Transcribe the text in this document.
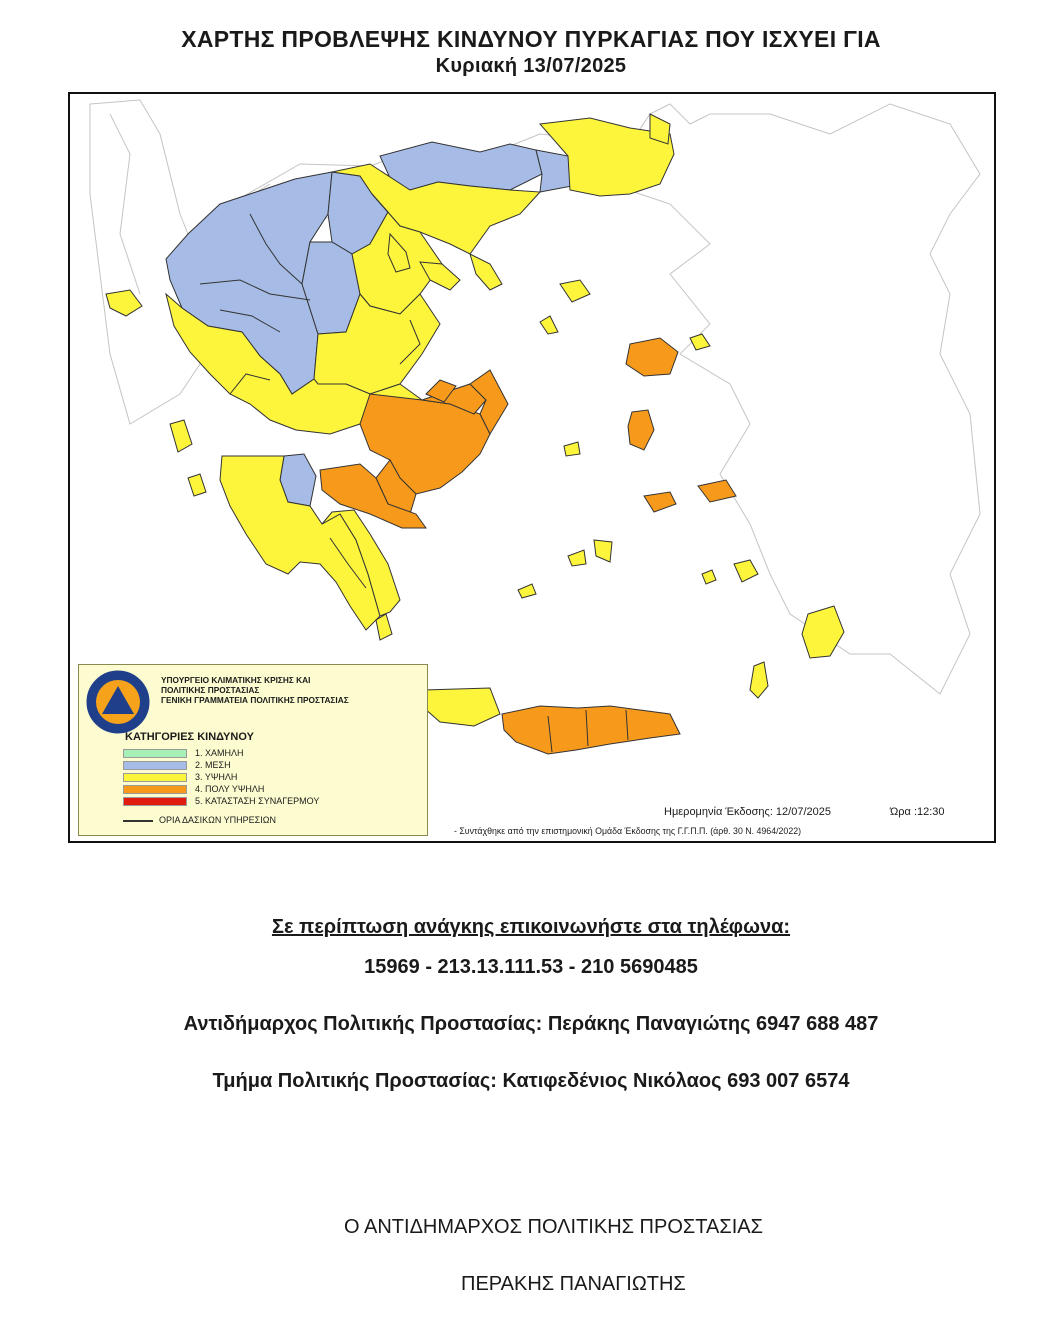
ΧΑΡΤΗΣ ΠΡΟΒΛΕΨΗΣ ΚΙΝΔΥΝΟΥ ΠΥΡΚΑΓΙΑΣ ΠΟΥ ΙΣΧΥΕΙ ΓΙΑ
Κυριακή 13/07/2025
ΥΠΟΥΡΓΕΙΟ ΚΛΙΜΑΤΙΚΗΣ ΚΡΙΣΗΣ ΚΑΙ
ΠΟΛΙΤΙΚΗΣ ΠΡΟΣΤΑΣΙΑΣ
ΓΕΝΙΚΗ ΓΡΑΜΜΑΤΕΙΑ ΠΟΛΙΤΙΚΗΣ ΠΡΟΣΤΑΣΙΑΣ
ΚΑΤΗΓΟΡΙΕΣ ΚΙΝΔΥΝΟΥ
1. ΧΑΜΗΛΗ
2. ΜΕΣΗ
3. ΥΨΗΛΗ
4. ΠΟΛΥ ΥΨΗΛΗ
5. ΚΑΤΑΣΤΑΣΗ ΣΥΝΑΓΕΡΜΟΥ
ΟΡΙΑ ΔΑΣΙΚΩΝ ΥΠΗΡΕΣΙΩΝ
Ημερομηνία Έκδοσης: 12/07/2025	Ώρα :12:30
- Συντάχθηκε από την επιστημονική Ομάδα Έκδοσης της Γ.Γ.Π.Π. (άρθ. 30 Ν. 4964/2022)
Σε περίπτωση ανάγκης επικοινωνήστε στα τηλέφωνα:
15969 - 213.13.111.53 - 210 5690485
Αντιδήμαρχος Πολιτικής Προστασίας: Περάκης Παναγιώτης 6947 688 487
Τμήμα Πολιτικής Προστασίας: Κατιφεδένιος Νικόλαος 693 007 6574
Ο ΑΝΤΙΔΗΜΑΡΧΟΣ ΠΟΛΙΤΙΚΗΣ ΠΡΟΣΤΑΣΙΑΣ
ΠΕΡΑΚΗΣ ΠΑΝΑΓΙΩΤΗΣ
